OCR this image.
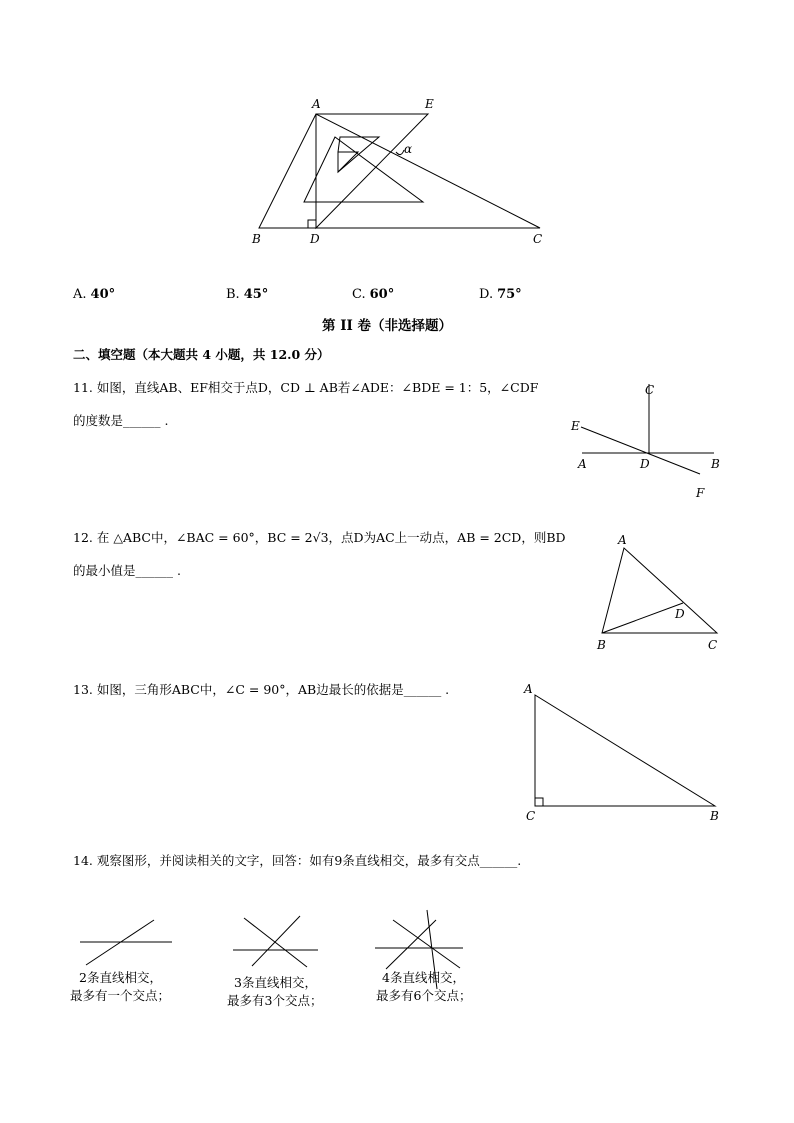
A	E
α
B	D	C
A. 40°	B. 45°	C. 60°	D. 75°
第 II 卷（非选择题）
二、填空题（本大题共 4 小题，共 12.0 分）
11. 如图，直线AB、EF相交于点D，CD ⊥ AB若∠ADE：∠BDE = 1：5，∠CDF
的度数是______ .
C
E
A	D	B
F
12. 在 △ABC中，∠BAC = 60°，BC = 2√3，点D为AC上一动点，AB = 2CD，则BD
的最小值是______ .
A
D
B	C
13. 如图，三角形ABC中，∠C = 90°，AB边最长的依据是______ .	A
C	B
14. 观察图形，并阅读相关的文字，回答：如有9条直线相交，最多有交点______.
2条直线相交，
最多有一个交点；
3条直线相交，
最多有3个交点；
4条直线相交，
最多有6个交点；
